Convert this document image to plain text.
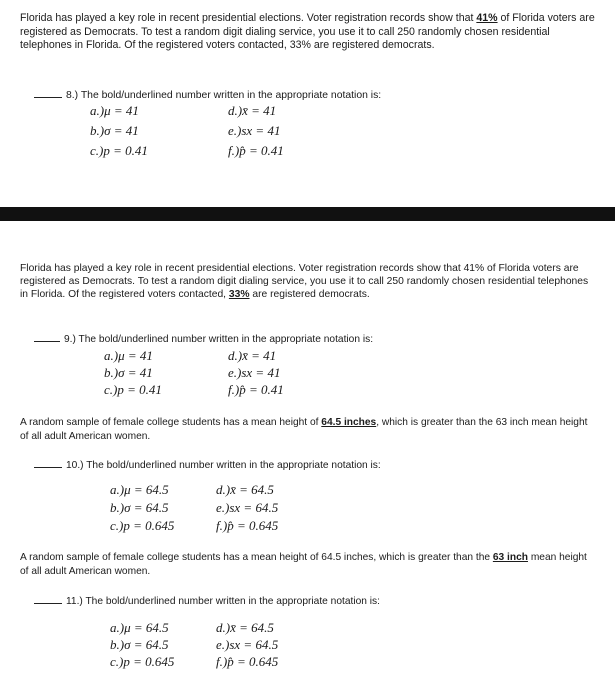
Florida has played a key role in recent presidential elections. Voter registration records show that 41% of Florida voters are registered as Democrats. To test a random digit dialing service, you use it to call 250 randomly chosen residential telephones in Florida. Of the registered voters contacted, 33% are registered democrats.
8.) The bold/underlined number written in the appropriate notation is:
a.)μ = 41
b.)σ = 41
c.)p = 0.41
d.)x̄ = 41
e.)sx = 41
f.)p̂ = 0.41
Florida has played a key role in recent presidential elections. Voter registration records show that 41% of Florida voters are registered as Democrats. To test a random digit dialing service, you use it to call 250 randomly chosen residential telephones in Florida. Of the registered voters contacted, 33% are registered democrats.
9.) The bold/underlined number written in the appropriate notation is:
a.)μ = 41
b.)σ = 41
c.)p = 0.41
d.)x̄ = 41
e.)sx = 41
f.)p̂ = 0.41
A random sample of female college students has a mean height of 64.5 inches, which is greater than the 63 inch mean height of all adult American women.
10.) The bold/underlined number written in the appropriate notation is:
a.)μ = 64.5
b.)σ = 64.5
c.)p = 0.645
d.)x̄ = 64.5
e.)sx = 64.5
f.)p̂ = 0.645
A random sample of female college students has a mean height of 64.5 inches, which is greater than the 63 inch mean height of all adult American women.
11.) The bold/underlined number written in the appropriate notation is:
a.)μ = 64.5
b.)σ = 64.5
c.)p = 0.645
d.)x̄ = 64.5
e.)sx = 64.5
f.)p̂ = 0.645
